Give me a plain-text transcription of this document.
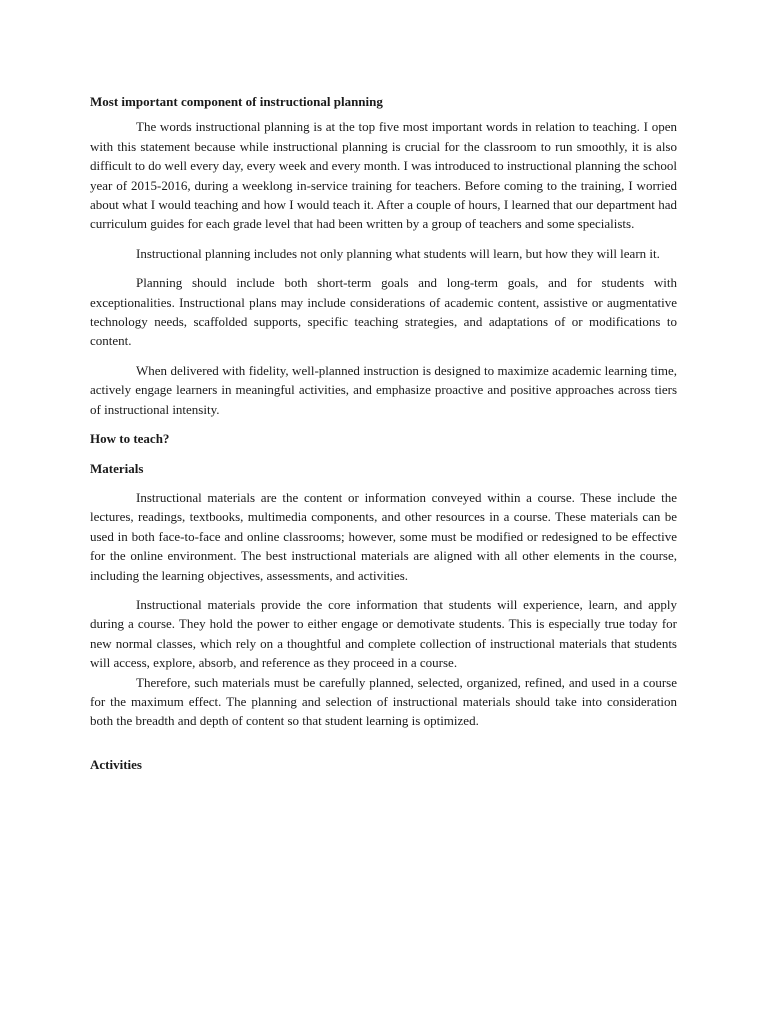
Most important component of instructional planning

The words instructional planning is at the top five most important words in relation to teaching. I open with this statement because while instructional planning is crucial for the classroom to run smoothly, it is also difficult to do well every day, every week and every month. I was introduced to instructional planning the school year of 2015-2016, during a weeklong in-service training for teachers. Before coming to the training, I worried about what I would teaching and how I would teach it. After a couple of hours, I learned that our department had curriculum guides for each grade level that had been written by a group of teachers and some specialists.

Instructional planning includes not only planning what students will learn, but how they will learn it.

Planning should include both short-term goals and long-term goals, and for students with exceptionalities. Instructional plans may include considerations of academic content, assistive or augmentative technology needs, scaffolded supports, specific teaching strategies, and adaptations of or modifications to content.

When delivered with fidelity, well-planned instruction is designed to maximize academic learning time, actively engage learners in meaningful activities, and emphasize proactive and positive approaches across tiers of instructional intensity.

How to teach?

Materials

Instructional materials are the content or information conveyed within a course. These include the lectures, readings, textbooks, multimedia components, and other resources in a course. These materials can be used in both face-to-face and online classrooms; however, some must be modified or redesigned to be effective for the online environment. The best instructional materials are aligned with all other elements in the course, including the learning objectives, assessments, and activities.

Instructional materials provide the core information that students will experience, learn, and apply during a course. They hold the power to either engage or demotivate students. This is especially true today for new normal classes, which rely on a thoughtful and complete collection of instructional materials that students will access, explore, absorb, and reference as they proceed in a course.

Therefore, such materials must be carefully planned, selected, organized, refined, and used in a course for the maximum effect. The planning and selection of instructional materials should take into consideration both the breadth and depth of content so that student learning is optimized.

Activities
